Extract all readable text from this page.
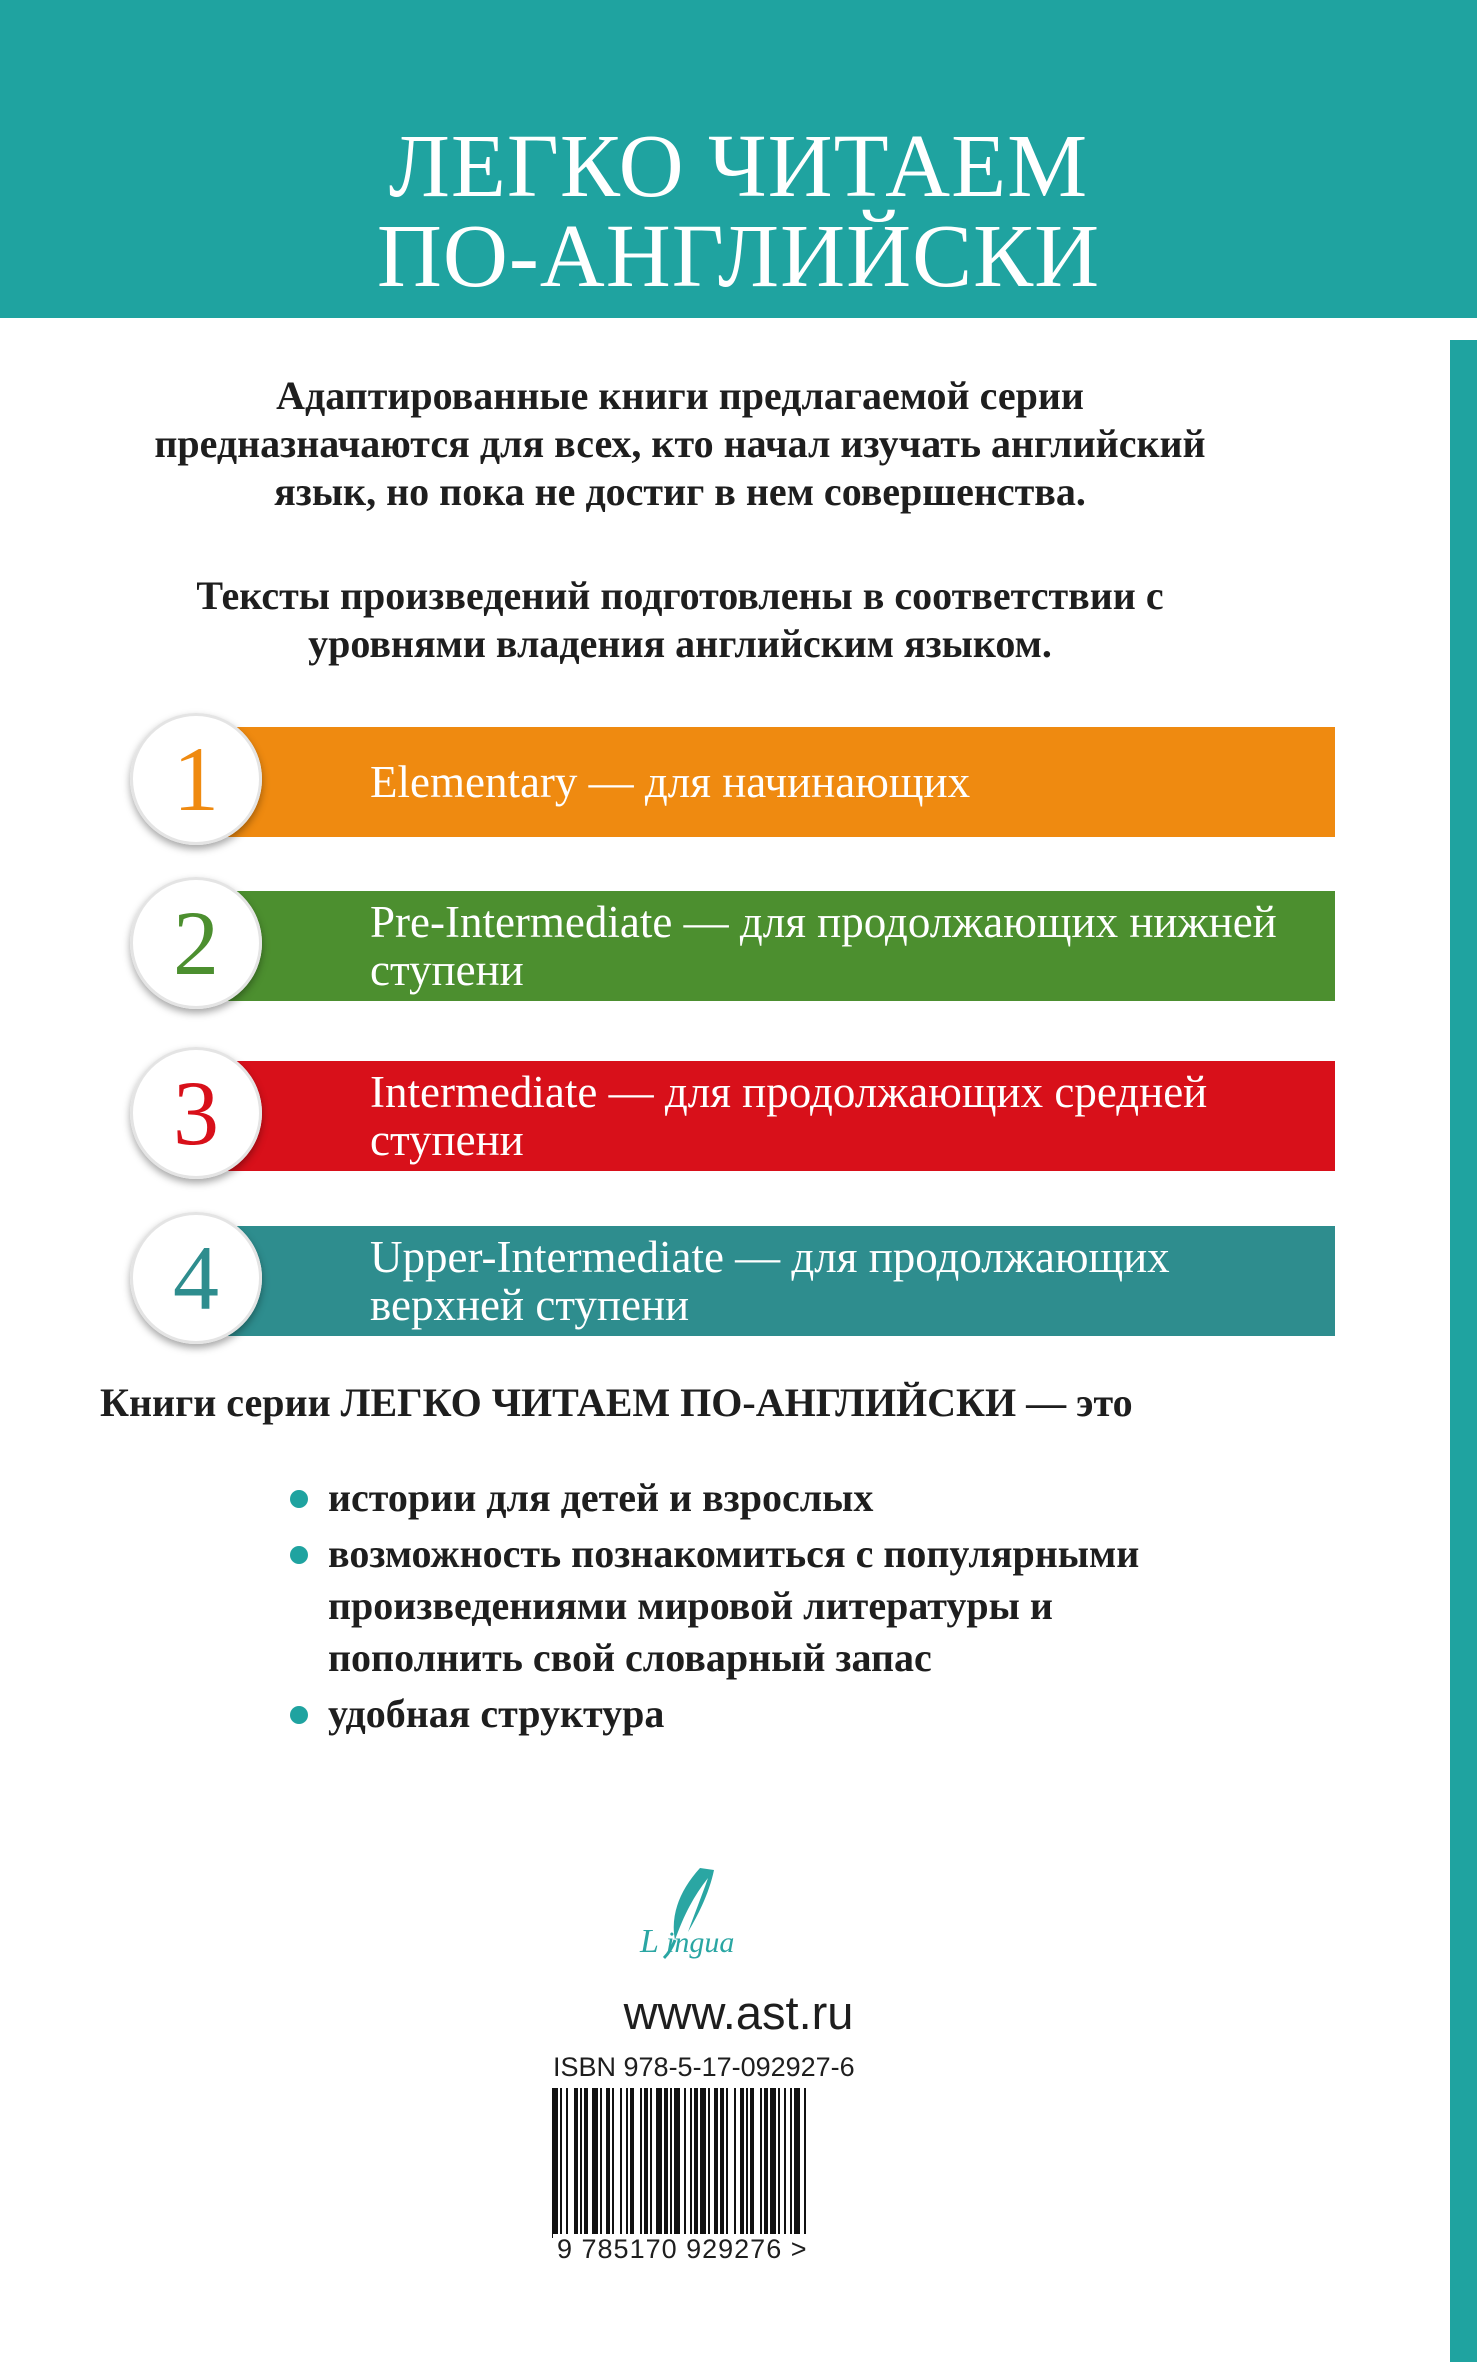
ЛЕГКО ЧИТАЕМ
ПО-АНГЛИЙСКИ
Адаптированные книги предлагаемой серии предназначаются для всех, кто начал изучать английский язык, но пока не достиг в нем совершенства.
Тексты произведений подготовлены в соответствии с уровнями владения английским языком.
Elementary — для начинающих
1
Pre-Intermediate — для продолжающих нижней ступени
2
Intermediate — для продолжающих средней ступени
3
Upper-Intermediate — для продолжающих верхней ступени
4
Книги серии ЛЕГКО ЧИТАЕМ ПО-АНГЛИЙСКИ — это
истории для детей и взрослых
возможность познакомиться с популярными произведениями мировой литературы и пополнить свой словарный запас
удобная структура
L ingua
www.ast.ru
ISBN 978-5-17-092927-6
9 785170 929276 >
